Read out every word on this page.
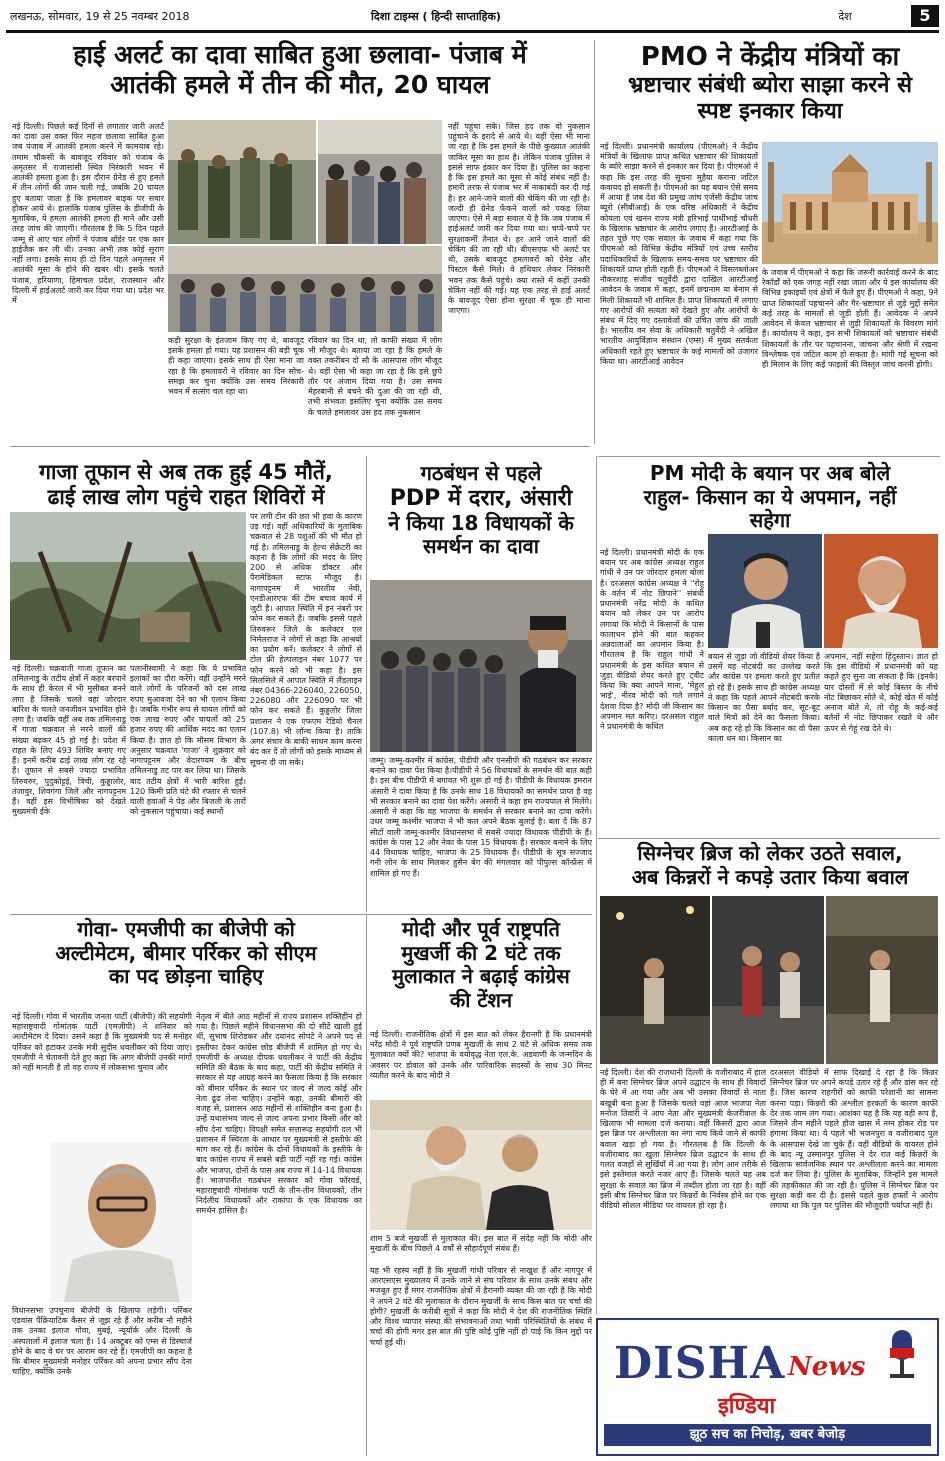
लखनऊ, सोमवार, 19 से 25 नवम्बर 2018	दिशा टाइम्स ( हिन्दी साप्ताहिक)	देश	5
हाई अलर्ट का दावा साबित हुआ छलावा- पंजाब में
आतंकी हमले में तीन की मौत, 20 घायल
नई दिल्ली। पिछले कई दिनों से लगातार जारी अलर्ट का दावा उस वक्त फिर महज छलावा साबित हुआ जब पंजाब में आतंकी हमला करने में कामयाब रहे। तमाम चौकसी के बावजूद रविवार को पंजाब के अमृतसर में राजासांसी स्थित निरंकारी भवन में आतंकी हमला हुआ है। इस दौरान ग्रेनेड से हुए हमले में तीन लोगों की जान चली गई, जबकि 20 घायल हुए बताया जाता है कि हमलावर बाइक पर सवार होकर आये थे। हालांकि पंजाब पुलिस के डीजीपी के मुताबिक, ये हमला आतंकी हमला ही माने और उसी तरह जांच की जाएगी। गौरतलब है कि 5 दिन पहले जम्मू से आए चार लोगों ने पंजाब बॉर्डर पर एक कार हाईजैक कर ली थी। उनका अभी तक कोई सुराग नहीं लगा। इसके साथ ही दो दिन पहले अमृतसर में आतंकी मूसा के होने की खबर थी। इसके चलते पंजाब, हरियाणा, हिमाचल प्रदेश, राजस्थान और दिल्ली में हाईअलर्ट जारी कर दिया गया था। प्रदेश भर में
कड़ी सुरक्षा के इंतजाम किए गए थे, बावजूद इसके हमला हो गया। यह प्रशासन की बड़ी चूक ही कहा जाएगा। इसके साथ ही ऐसा माना जा रहा है कि हमलावरों ने रविवार का दिन सोच-समझ कर चुना क्योंकि उस समय निरंकारी भवन में सत्संग चल रहा था।
रविवार का दिन था, तो काफी संख्या में लोग भी मौजूद थे। बताया जा रहा है कि हमले के वक्त तकरीबन दो सौ के आसपास लोग मौजूद थे। वहीं ऐसा भी कहा जा रहा है कि इसे छुपे तौर पर अंजाम दिया गया है। उस समय मेहरबानी से बचने की दुआ की जा रही थी, तभी संभवतः इसलिए चुना क्योंकि उस समय के चलते हमलावर उस हद तक नुकसान
नहीं पहुंचा सके। जिस हद तक वो नुकसान पहुंचाने के इरादे से आये थे। वहीं ऐसा भी माना जा रहा है कि इस हमले के पीछे कुख्यात आतंकी जाकिर मूसा का हाथ है। लेकिन पंजाब पुलिस ने इससे साफ इंकार कर दिया है। पुलिस का कहना है कि इस हमले का मूसा से कोई संबंध नहीं है। हमारी तरफ से पंजाब भर में नाकाबंदी कर दी गई है। हर आने-जाने वालों की चेकिंग की जा रही है। जल्दी ही ग्रेनेड फेंकने वालों को पकड़ लिया जाएगा। ऐसे में बड़ा सवाल ये है कि जब पंजाब में हाईअलर्ट जारी कर दिया गया था। चप्पे-चप्पे पर सुरक्षाकर्मी तैनात थे। हर आने जाने वालों की चेकिंग की जा रही थी। बीएसएफ भी अलर्ट पर थी, उसके बावजूद हमलावरों को ग्रेनेड और पिस्टल कैसे मिले। वे हथियार लेकर निरंकारी भवन तक कैसे पहुंचे। क्या रास्ते में कहीं उनकी चेकिंग नहीं की गई। यह एक तरह से हाई अलर्ट के बावजूद ऐसा होना सुरक्षा में चूक ही माना जाएगा।
PMO ने केंद्रीय मंत्रियों का
भ्रष्टाचार संबंधी ब्योरा साझा करने से
स्पष्ट इनकार किया
नई दिल्ली। प्रधानमंत्री कार्यालय (पीएमओ) ने केंद्रीय मंत्रियों के खिलाफ प्राप्त कथित भ्रष्टाचार की शिकायतों के ब्योरे साझा करने से इनकार कर दिया है। पीएमओ ने कहा कि इस तरह की सूचना मुहैया कराना जटिल कवायद हो सकती है। पीएमओ का यह बयान ऐसे समय में आया है जब देश की प्रमुख जांच एजेंसी केंद्रीय जांच ब्यूरो (सीबीआई) के एक वरिष्ठ अधिकारी ने केंद्रीय कोयला एवं खनन राज्य मंत्री हरिभाई पार्थीभाई चौधरी के खिलाफ भ्रष्टाचार के आरोप लगाए हैं। आरटीआई के तहत पूछे गए एक सवाल के जवाब में कहा गया कि पीएमओ को विभिन्न केंद्रीय मंत्रियों एवं उच्च स्तरीय पदाधिकारियों के खिलाफ समय-समय पर भ्रष्टाचार की शिकायतें प्राप्त होती रहती हैं। पीएमओ ने विसलब्लोअर नौकरशाह संजीव चतुर्वेदी द्वारा दाखिल आरटीआई आवेदन के जवाब में कहा, इनमें छद्मनाम या बेनाम से मिली शिकायतें भी शामिल हैं। प्राप्त शिकायतों में लगाए गए आरोपों की सत्यता को देखते हुए और आरोपों के संबंध में दिए गए दस्तावेजों की उचित जांच की जाती है। भारतीय वन सेवा के अधिकारी चतुर्वेदी ने अखिल भारतीय आयुर्विज्ञान संस्थान (एम्स) में मुख्य सतर्कता अधिकारी रहते हुए भ्रष्टाचार के कई मामलों को उजागर किया था। आरटीआई आवेदन
के जवाब में पीएमओ ने कहा कि जरूरी कार्रवाई करने के बाद रेकॉर्डों को एक जगह नहीं रखा जाता और ये इस कार्यालय की विभिन्न इकाइयों एवं क्षेत्रों में फैले हुए हैं। पीएमओ ने कहा, 9ने प्राप्त शिकायतों पहचानने और गैर-भ्रष्टाचार से जुड़े मुद्दों समेत कई तरह के मामलों से जुड़ी होती हैं। आवेदक ने अपने आवेदन में केवल भ्रष्टाचार से जुड़ी शिकायतों के विवरण मांगे हैं। कार्यालय ने कहा, इन सभी शिकायतों को भ्रष्टाचार संबंधी शिकायतों के तौर पर पहचानना, जांचना और श्रेणी में रखना विश्लेषक एवं जटिल काम हो सकता है। मांगी गई सूचना को ही मिलान के लिए कई फाइलों की विस्तृत जांच करनी होगी।
गाजा तूफान से अब तक हुई 45 मौतें,
ढाई लाख लोग पहुंचे राहत शिविरों में
नई दिल्ली। चक्रवाती गाजा तूफान का तमिलनाडु के तटीय क्षेत्रों में कहर बरपाने के साथ ही केरल में भी मुसीबत बनने लगा है जिसके चलते वहां जोरदार बारिश के चलते जनजीवन प्रभावित होने लगा है। जबकि वहीं अब तक तमिलनाडु में गाजा चक्रवात से मरने वालों की संख्या बढ़कर 45 हो गई है। प्रदेश में राहत के लिए 493 शिविर बनाए गए हैं। इनमें करीब ढाई लाख लोग रह रहे हैं। तूफान से सबसे ज्यादा प्रभावित तिरुवरुर, पुदुकोट्टई, त्रिची, कुड्डालोर, तंजावुर, शिवगंगा जिले और नागपट्टनम हैं। वहीं इस विभीषिका को देखते मुख्यमंत्री ईके
पलानीस्वामी ने कहा कि ये प्रभावित इलाकों का दौरा करेंगे। वहीं उन्होंने मरने वाले लोगों के परिजनों को दस लाख रुपए मुआवजा देने का भी एलान किया है। जबकि गंभीर रूप से घायल लोगों को एक लाख रुपए और घायलों को 25 हजार रुपए की आर्थिक मदद का एलान किया है। ज्ञात हो कि मौसम विभाग के अनुसार चक्रवात 'गाजा' ने शुक्रवार को नागापट्टनम और वेदारण्यम के बीच तमिलनाडु तट पार कर लिया था। जिसके बाद तटीय क्षेत्रों में भारी बारिश हुई। 120 किमी प्रति घंटे की रफ्तार से चलने वाली हवाओं ने पेड़ और बिजली के तारों को नुकसान पहुंचाया। कई स्थानों
पर लगी टीन की छत भी हवा के कारण उड़ गई। वहीं अधिकारियों के मुताबिक चक्रवात से 28 पशुओं की भी मौत हो गई है। तमिलनाडु के हेल्थ सेक्रेटरी का कहना है कि लोगों की मदद के लिए 200 से अधिक डॉक्टर और पैरामेडिकल स्टाफ मौजूद है। नागापट्टनम में भारतीय नेवी, एनडीआरएफ की टीम बचाव कार्य में जुटी है। आपात स्थिति में इन नंबरों पर फोन कर सकते हैं। जबकि इससे पहले तिरुवरूर जिले के कलेक्टर एल निर्मलराज ने लोगों से कहा कि आश्रयों का प्रयोग करें। कलेक्टर ने लोगों से टोल फ्री हेल्पलाइन नंबर 1077 पर फोन करने को भी कहा है। इस सिलसिले में आपात स्थिति में लैंडलाइन नंबर 04366-226040, 226050, 226080 और 226090 पर भी फोन कर सकते हैं। कुड्डलोर जिला प्रशासन ने एक एफएम रेडियो चैनल (107.8) भी लॉन्च किया है। ताकि अगर संचार के बाकी साधन काम करना बंद कर दें तो लोगों को इसके माध्यम से सूचना दी जा सके।
गठबंधन से पहले
PDP में दरार, अंसारी
ने किया 18 विधायकों के
समर्थन का दावा
जम्मू। जम्मू-कश्मीर में कांग्रेस, पीडीपी और एनसीपी की गठबंधन कर सरकार बनाने का दावा पेश किया है।पीडीपी ने 56 विधायकों के समर्थन की बात कही है। इस बीच पीडीपी में बगावत भी शुरू हो गई है। पीडीपी के विधायक इमरान अंसारी ने दावा किया है कि उनके साथ 18 विधायकों का समर्थन प्राप्त है वह भी सरकार बनाने का दावा पेश करेंगे। अंसारी ने कहा हम राज्यपाल से मिलेंगे। अंसारी ने कहा कि वह भाजपा के समर्थन से सरकार बनाने का दावा करेंगे। उधर जम्मू कश्मीर भाजपा ने भी कल अपने बैठक बुलाई है। बता दें कि 87 सीटों वाली जम्मू-कश्मीर विधानसभा में सबसे ज्यादा विधायक पीडीपी के हैं। कांग्रेस के पास 12 और नेका के पास 15 विधायक हैं। सरकार बनाने के लिए 44 विधायक चाहिए, भाजपा के 25 विधायक हैं। पीडीपी के सूत्र सज्जाद गनी लोन के साथ मिलकर हुसैन बेग की मंगलवार को पीपुल्स कॉन्फ्रेंस में शामिल हो गए हैं।
PM मोदी के बयान पर अब बोले
राहुल- किसान का ये अपमान, नहीं
सहेगा
नई दिल्ली। प्रधानमंत्री मोदी के एक बयान पर अब कांग्रेस अध्यक्ष राहुल गांधी ने उन पर जोरदार हमला बोला है। दरअसल कांग्रेस अध्यक्ष ने ''रोहू के वर्तन में नोट छिपाने'' संबंधी प्रधानमंत्री नरेंद्र मोदी के कथित बयान को लेकर उन पर आरोप लगाया कि मोदी ने किसानों के पास कालाधन होने की बात कहकर अन्नदाताओं का अपमान किया है। गौरतलब है कि राहुल गांधी ने प्रधानमंत्री के इस कथित बयान से जुड़ा वीडियो शेयर करते हुए ट्वीट किया कि क्या आपने माना, 'मेहुल भाई', नीरव मोदी को गले लगाने देशवा दिया है? मोदी जी किसान का अपमान मत करिए। दरअसल राहुल ने प्रधानमंत्री के कथित
बयान से जुड़ा जो वीडियो शेयर किया है उसमें वह नोटबंदी का उल्लेख करते और कांग्रेस पर हमला करते हुए प्रतीत हो रहे हैं। इसके साथ ही कांग्रेस अध्यक्ष ने कहा कि पहले आपने नोटबंदी करके किसान का पैसा बर्बाद कर, सूट-बूट वाले मित्रों को देने का फैसला किया। अब कह रहे हो कि किसान का वो पैसा काला धन था। किसान का
अपमान, नहीं सहेगा हिंदुस्तान। ज्ञात हो कि इस वीडियो में प्रधानमंत्री को यह कहते हुए सुना जा सकता है कि (इनके) यार दोस्तों में से कोई बिस्तर के नीचे नोट बिछाकर सोते थे, कोई खेत में कोई अनाज बोते थे, तो रोहू के कई-कई बर्तनों में नोट छिपाकर रखते थे और ऊपर से गेहूं रख देते थे।
सिग्नेचर ब्रिज को लेकर उठते सवाल,
अब किन्नरों ने कपड़े उतार किया बवाल
नई दिल्ली। देश की राजधानी दिल्ली के वजीराबाद में हाल ही में बना सिग्नेचर ब्रिज अपने उद्घाटन के साथ ही विवादों के घेरे में आ गया और अब भी उसका विवादों से नाता बखूबी बना हुआ है जिसके चलते वहां आज भाजपा नेता मनोज तिवारी ने आप नेता और मुख्यमंत्री केजरीवाल के खिलाफ भी मामला दर्ज कराया। वहीं किसरों द्वारा आज इस ब्रिज पर अश्लीलता का नंगा नाच किये जाने से काफी बवाल खड़ा हो गया है। गौरतलब है कि दिल्ली के वजीराबाद का खुला सिग्नेचर ब्रिज उद्घाटन के साथ ही गलत वजहों से सुर्खियों में आ गया है। लोग आन तरीके से इसे इस्तेमाल करते नजर आए हैं। जिसके चलते यह अब सुरक्षा के सवाल का ब्रिज में तब्दील होता जा रहा है। वहीं इसी बीच सिग्नेचर ब्रिज पर किन्नरों के निर्वस्त्र होने का एक वीडियो सोशल मीडिया पर वायरल हो रहा है।
दरअसल वीडियो में साफ दिखाई दे रहा है कि किन्नर सिग्नेचर ब्रिज पर अपने कपड़े उतार रहे हैं और डांस कर रहे हैं। जिस कारण राहगीरों को काफी परेशानी का सामना करना पड़ा। किन्नरों की अश्लील हरकतों के कारण काफी देर तक जाम लग गया। आशंका यह है कि यह वही रूप है, जिसने तीन महीने पहले हौज खास में नग्न होकर रोड पर हंगामा किया था। ये पहले भी भजनपुरा व वजीराबाद पुल के आसपास देखे जा चुके हैं। वहीं वीडियो के वायरल होने के बाद न्यू उस्मानपुर पुलिस ने देर रात कई किन्नरों के खिलाफ सार्वजनिक स्थान पर अश्लीलता करने का मामला दर्ज कर लिया है। पुलिस के मुताबिक, जिन्होंने इस मामले की तहकीकात की जा रही है। पुलिस ने सिग्नेचर ब्रिज पर सुरक्षा कड़ी कर दी है। इससे पहले कुछ हफ्तों ने आरोप लगाया था कि पुल पर पुलिस की मौजूदगी पर्याप्त नहीं है।
गोवा- एमजीपी का बीजेपी को
अल्टीमेटम, बीमार पर्रिकर को सीएम
का पद छोड़ना चाहिए
नई दिल्ली। गोवा में भारतीय जनता पार्टी (बीजेपी) की सहयोगी महाराष्ट्रवादी गोमांतक पार्टी (एमजीपी) ने शनिवार को अल्टीमेटम दे दिया। उसने कहा है कि मुख्यमंत्री पद से मनोहर पर्रिकर को हटाकर उनके मंत्री सुदीन धवलीकर को दिया जाए। एमजीपी ने चेतावनी देते हुए कहा कि अगर बीजेपी उनकी मांगों को नहीं मानती है तो वह राज्य में लोकसभा चुनाव और
विधानसभा उपचुनाव बीजेपी के खिलाफ लड़ेगी। पर्रिकर एडवांस पैंक्रियाटिक कैंसर से जूझ रहे हैं और करीब नौ महीने तक उनका इलाज गोवा, मुंबई, न्यूयॉर्क और दिल्ली के अस्पतालों में इलाज चला है। 14 अक्टूबर को एम्स से डिस्चार्ज होने के बाद वे घर पर आराम कर रहे हैं। एमजीपी का कहना है कि बीमार मुख्यमंत्री मनोहर पर्रिकर को अपना प्रभार सौंप देना चाहिए, क्योंकि उनके
नेतृत्व में बीते आठ महीनों से राज्य प्रशासन शक्तिहीन हो गया है। पिछले महीने विधानसभा की दो सीटें खाली हुई थीं, सुभाष शिरोडकर और दयानंद सोपटे ने अपने पद से इस्तीफा देकर कांग्रेस छोड़ बीजेपी में शामिल हो गए थे। एमजीपी के अध्यक्ष दीपक धवलीकर ने पार्टी की केंद्रीय समिति की बैठक के बाद कहा, पार्टी की केंद्रीय समिति ने सरकार से यह आग्रह करने का फैसला किया है कि सरकार को बीमार पर्रिकर के स्थान पर जल्द से जल्द कोई और नेता ढूंढ लेना चाहिए। उन्होंने कहा, उनकी बीमारी की वजह से, प्रशासन आठ महीनों से शक्तिहीन बना हुआ है। उन्हें यथासंभव जल्द से जल्द अपना प्रभार किसी और को सौंप देना चाहिए। विपक्षी समेत सत्तारूढ़ सहयोगी दल भी प्रशासन में स्थिरता के आधार पर मुख्यमंत्री से इस्तीफे की मांग कर रहे हैं। कांग्रेस के दोनों विधायकों के इस्तीफे के बाद कांग्रेस राज्य में सबसे बड़ी पार्टी नहीं रह गई। कांग्रेस और भाजपा, दोनों के पास अब राज्य में 14-14 विधायक हैं। भाजपानीत गठबंधन सरकार को गोवा फॉरवर्ड, महाराष्ट्रवादी गोमांतक पार्टी के तीन-तीन विधायकों, तीन निर्दलीय विधायकों और राकांपा के एक विधायक का समर्थन हासिल है।
मोदी और पूर्व राष्ट्रपति
मुखर्जी की 2 घंटे तक
मुलाकात ने बढ़ाई कांग्रेस
की टेंशन
नई दिल्ली। राजनीतिक क्षेत्रों में इस बात को लेकर हैरानगी है कि प्रधानमंत्री नरेंद्र मोदी ने पूर्व राष्ट्रपति प्रणब मुखर्जी के साथ 2 घंटे से अधिक समय तक मुलाकात क्यों की? भाजपा के वयोवृद्ध नेता एल.के. अडवाणी के जन्मदिन के अवसर पर डोवाल को उनके और पारिवारिक सदस्यों के साथ 30 मिनट व्यतीत करने के बाद मोदी ने
शाम 5 बजे मुखर्जी से मुलाकात की। इस बात में संदेह नहीं कि मोदी और मुखर्जी के बीच पिछले 4 वर्षों से सौहार्दपूर्ण संबंध हैं।
यह भी रहस्य नहीं है कि मुखर्जी गांधी परिवार से नाखुश हैं और नागपुर में आरएसएस मुख्यालय में उनके जाने से संघ परिवार के साथ उनके संबंध और मजबूत हुए हैं मगर राजनीतिक क्षेत्रों में हैरानगी व्यक्त की जा रही है कि मोदी ने अपने 2 घंटे की मुलाकात के दौरान मुखर्जी के साथ किस बात पर चर्चा की होगी? मुखर्जी के करीबी सूत्रों ने कहा कि मोदी ने देश की राजनीतिक स्थिति और विश्व व्यापार संस्था की संभावनाओं तथा भावी परिस्थितियों के संबंध में चर्चा की होगी मगर इस बात की पुष्टि कोई पुष्टि नहीं हो पाई कि किन मुद्दों पर चर्चा हुई थी।	DISHA News
इण्डिया
झूठ सच का निचोड़, खबर बेजोड़
